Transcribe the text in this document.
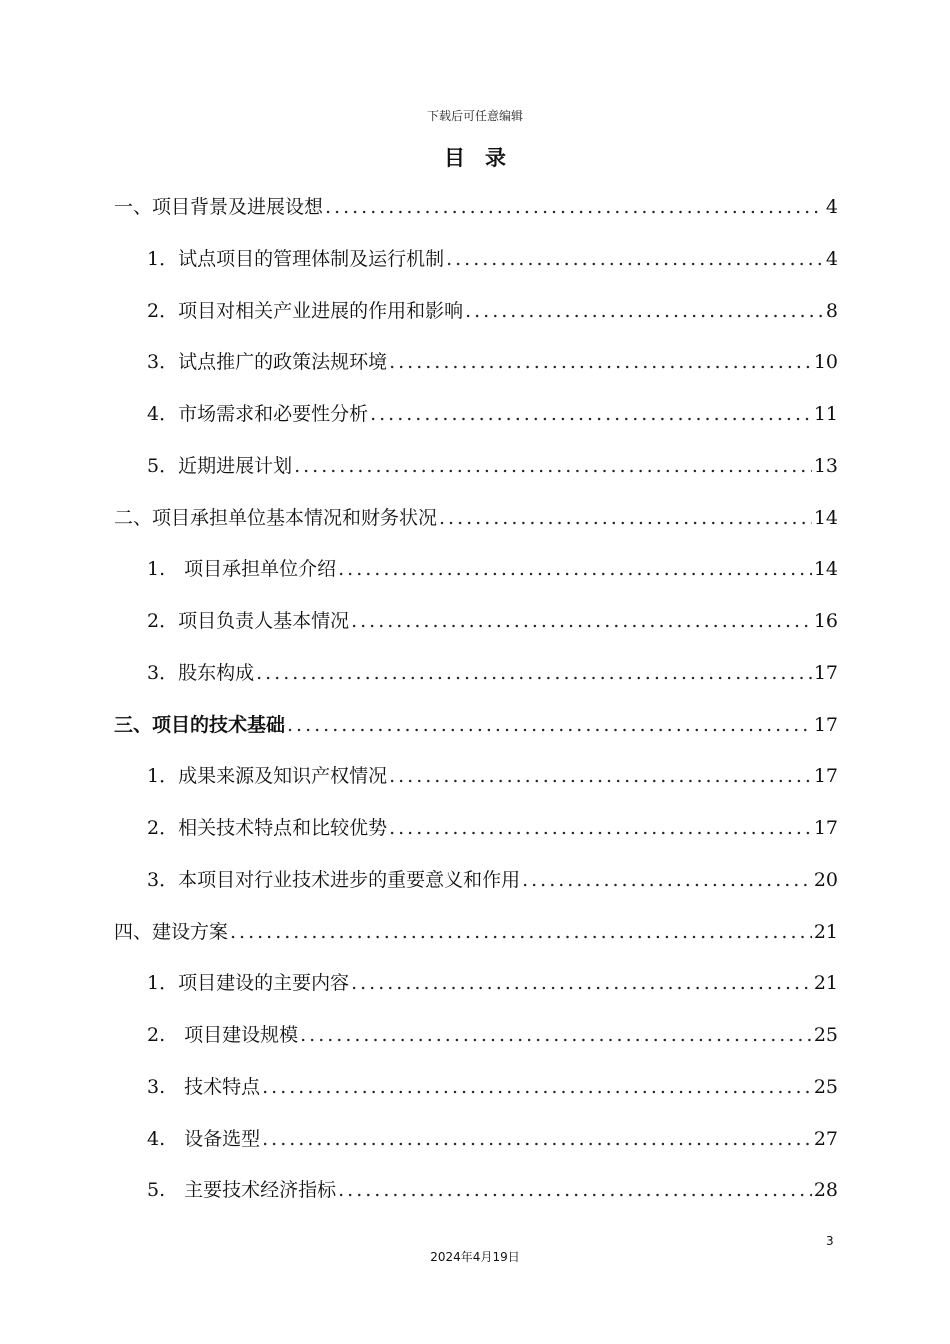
下载后可任意编辑
目录
一、项目背景及进展设想 .....	4
1．试点项目的管理体制及运行机制 .....	4
2．项目对相关产业进展的作用和影响 .....	8
3．试点推广的政策法规环境 .....	10
4．市场需求和必要性分析 .....	11
5．近期进展计划 .....	13
二、项目承担单位基本情况和财务状况 .....	14
1.　项目承担单位介绍 .....	14
2．项目负责人基本情况 .....	16
3．股东构成 .....	17
三、项目的技术基础 .....	17
1．成果来源及知识产权情况 .....	17
2．相关技术特点和比较优势 .....	17
3．本项目对行业技术进步的重要意义和作用 .....	20
四、建设方案 .....	21
1．项目建设的主要内容 .....	21
2.　项目建设规模 .....	25
3.　技术特点 .....	25
4.　设备选型 .....	27
5.　主要技术经济指标 .....	28
3
2024年4月19日
